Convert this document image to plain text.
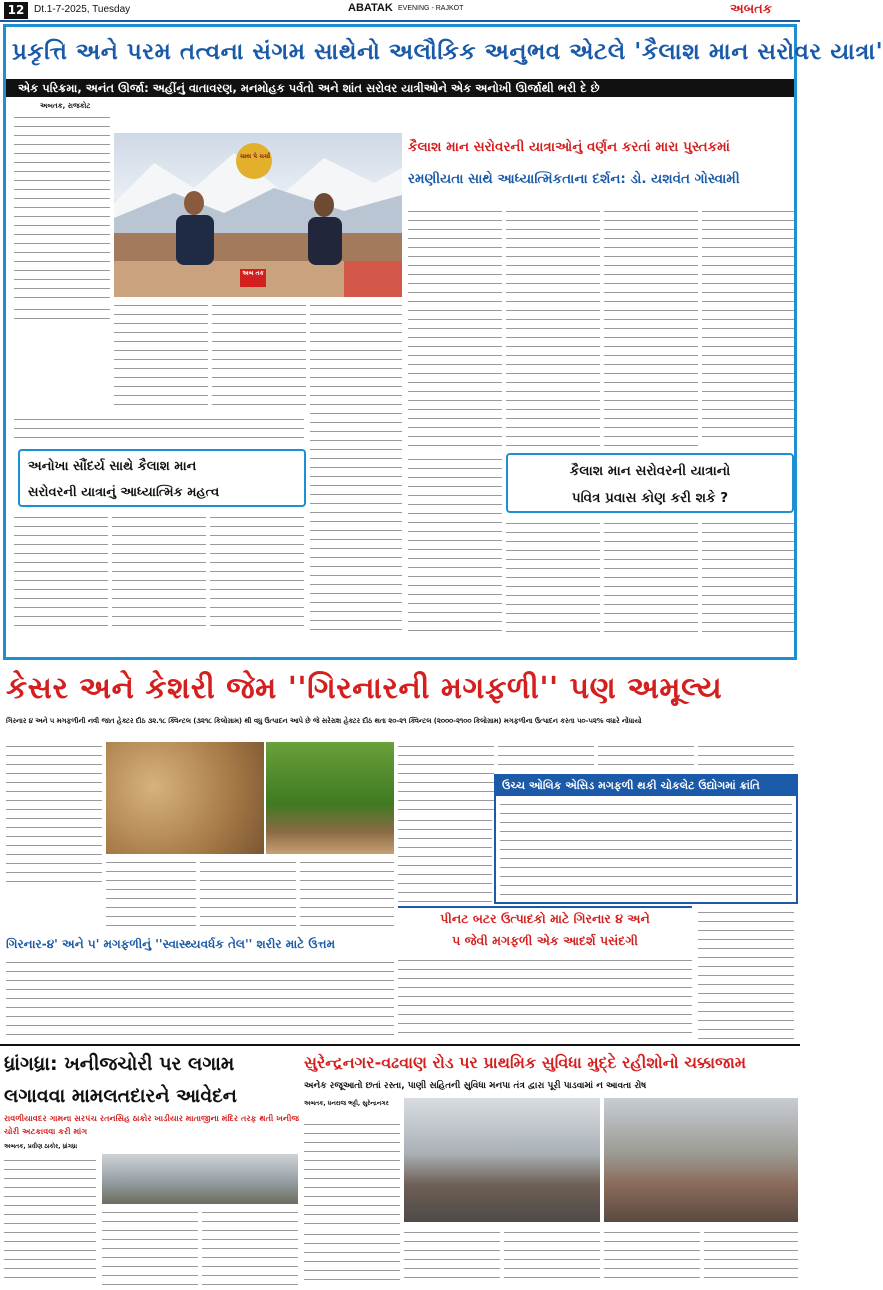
12 Dt.1-7-2025, Tuesday	ABATAK EVENING - RAJKOT	અબતક
પ્રકૃત્તિ અને પરમ તત્વના સંગમ સાથેનો અલૌકિક અનુભવ એટલે 'કૈલાશ માન સરોવર યાત્રા'
એક પરિક્રમા, અનંત ઊર્જા: અહીંનું વાતાવરણ, મનમોહક પર્વતો અને શાંત સરોવર યાત્રીઓને એક અનોખી ઊર્જાથી ભરી દે છે
અબતક, રાજકોટ
ચાય પે ચર્ચા
અબ તક
કૈલાશ માન સરોવરની યાત્રાઓનું વર્ણન કરતાં મારા પુસ્તકમાં
રમણીયતા સાથે આધ્યાત્મિકતાના દર્શન: ડો. યશવંત ગોસ્વામી
અનોખા સૌંદર્ય સાથે કૈલાશ માન
સરોવરની યાત્રાનું આધ્યાત્મિક મહત્વ
કૈલાશ માન સરોવરની યાત્રાનો
પવિત્ર પ્રવાસ કોણ કરી શકે ?
કેસર અને કેશરી જેમ ''ગિરનારની મગફળી'' પણ અમૂલ્ય
ગિરનાર ૪ અને ૫ મગફળીની નવી જાત હેક્ટર દીઠ ૩૨.૧૮ ક્વિન્ટલ (૩૨૧૮ કિલોગ્રામ) થી વધુ ઉત્પાદન આપે છે જે સરેરાશ હેક્ટર દીઠ થતા ૨૦-૨૧ ક્વિન્ટલ (૨૦૦૦-૨૧૦૦ કિલોગ્રામ) મગફળીના ઉત્પાદન કરતા ૫૦-૫૨% વધારે નોંધાયો
ઉચ્ચ ઓલિક એસિડ મગફળી થકી ચોકલેટ ઉદ્યોગમાં ક્રાંતિ
ગિરનાર-૪' અને ૫' મગફળીનું ''સ્વાસ્થ્યવર્ધક તેલ'' શરીર માટે ઉત્તમ
પીનટ બટર ઉત્પાદકો માટે ગિરનાર ૪ અને
૫ જેવી મગફળી એક આદર્શ પસંદગી
ધ્રાંગધ્રા: ખનીજચોરી પર લગામ
લગાવવા મામલતદારને આવેદન
રાવળીયાવદર ગામના સરપંચ રતનસિંહ ઠાકોર ખાડીયાર માતાજીના મંદિર તરફ થતી ખનીજ ચોરી અટકાવવા કરી માંગ
અબતક, પ્રવીણ ઠાકોર, ધ્રાંગધ્રા
સુરેન્દ્રનગર-વઢવાણ રોડ પર પ્રાથમિક સુવિધા મુદ્દે રહીશોનો ચક્કાજામ
અનેક રજૂઆતો છતાં રસ્તા, પાણી સહિતની સુવિધા મનપા તંત્ર દ્વારા પૂરી પાડવામાં ન આવતા રોષ
અબતક, ધનરાજ ભટ્ટી, સુરેન્દ્રનગર
